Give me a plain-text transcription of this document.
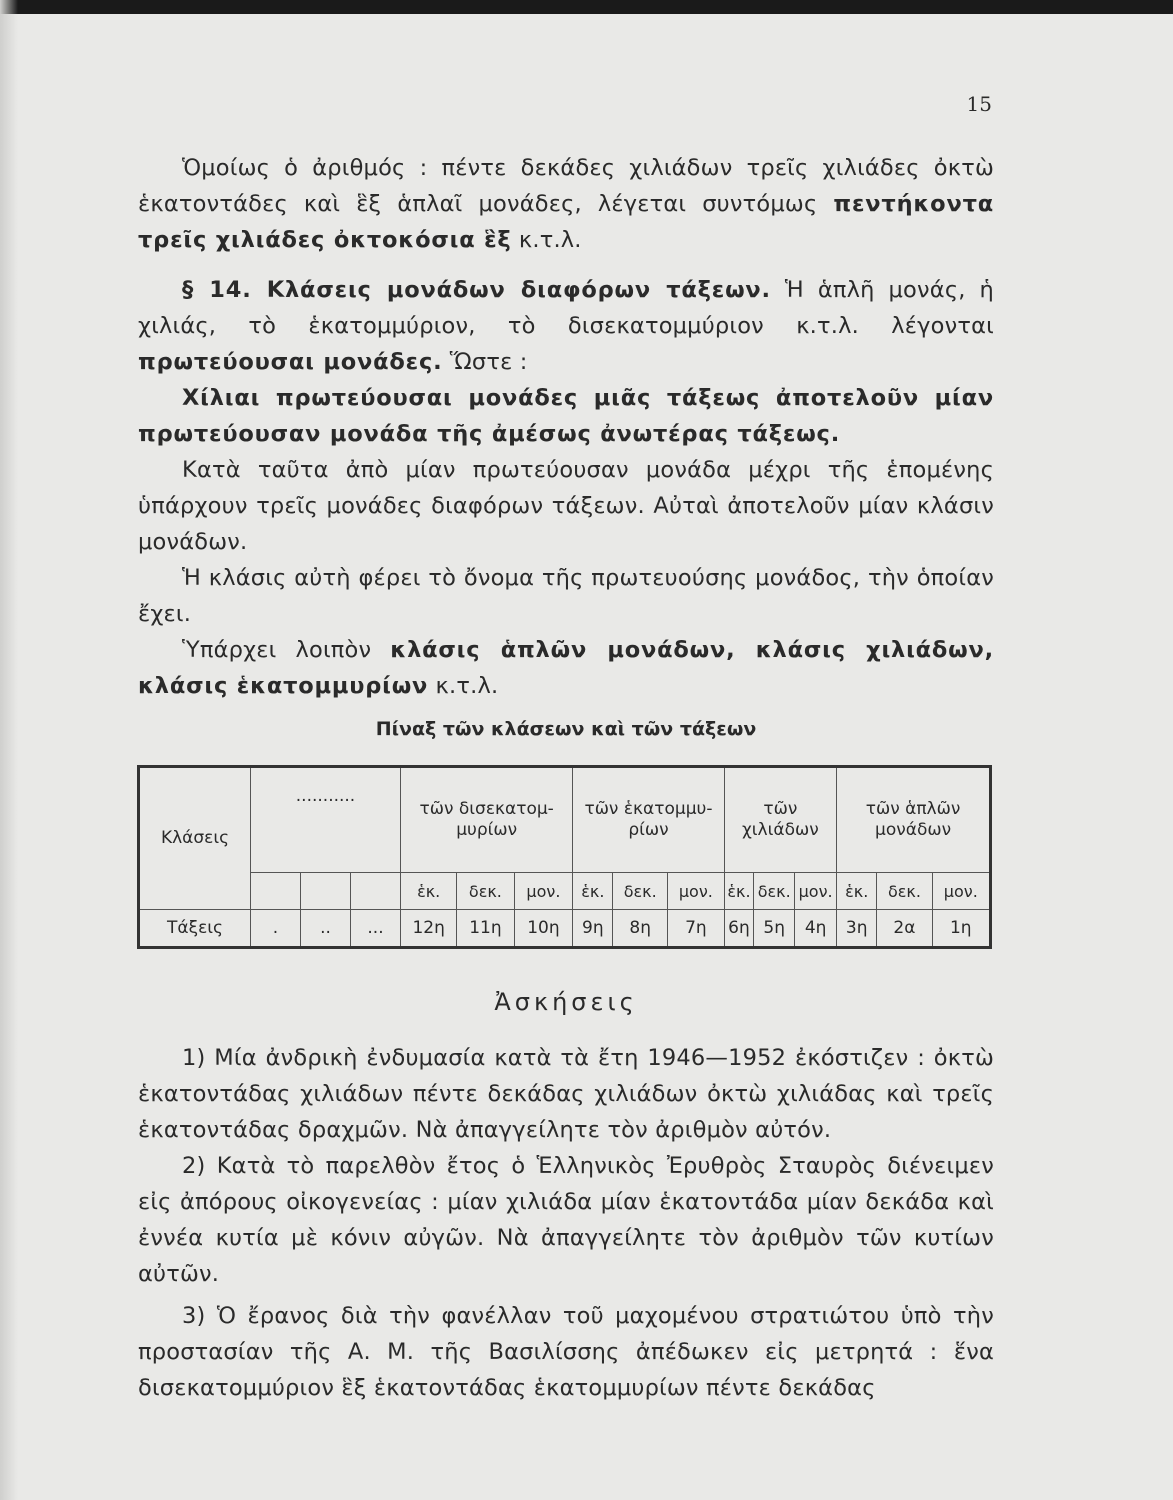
15

Ὁμοίως ὁ ἀριθμός : πέντε δεκάδες χιλιάδων τρεῖς χιλιάδες ὀκτὼ ἑκατοντάδες καὶ ἓξ ἁπλαῖ μονάδες, λέγεται συντόμως πεντήκοντα τρεῖς χιλιάδες ὀκτοκόσια ἓξ κ.τ.λ.

§ 14. Κλάσεις μονάδων διαφόρων τάξεων. Ἡ ἁπλῆ μονάς, ἡ χιλιάς, τὸ ἑκατομμύριον, τὸ δισεκατομμύριον κ.τ.λ. λέγονται πρωτεύουσαι μονάδες. Ὥστε :

Χίλιαι πρωτεύουσαι μονάδες μιᾶς τάξεως ἀποτελοῦν μίαν πρωτεύουσαν μονάδα τῆς ἀμέσως ἀνωτέρας τάξεως.

Κατὰ ταῦτα ἀπὸ μίαν πρωτεύουσαν μονάδα μέχρι τῆς ἑπομένης ὑπάρχουν τρεῖς μονάδες διαφόρων τάξεων. Αὐταὶ ἀποτελοῦν μίαν κλάσιν μονάδων.

Ἡ κλάσις αὐτὴ φέρει τὸ ὄνομα τῆς πρωτευούσης μονάδος, τὴν ὁποίαν ἔχει.

Ὑπάρχει λοιπὸν κλάσις ἁπλῶν μονάδων, κλάσις χιλιάδων, κλάσις ἑκατομμυρίων κ.τ.λ.

Πίναξ τῶν κλάσεων καὶ τῶν τάξεων
Κλάσεις	...........			τῶν δισεκατομ- μυρίων			τῶν ἑκατομμυ- ρίων			τῶν χιλιάδων			τῶν ἁπλῶν μονάδων		
				ἑκ.	δεκ.	μον.	ἑκ.	δεκ.	μον.	ἑκ.	δεκ.	μον.	ἑκ.	δεκ.	μον.
Τάξεις	.	..	...	12η	11η	10η	9η	8η	7η	6η	5η	4η	3η	2α	1η
Ἀσκήσεις

1) Μία ἀνδρικὴ ἐνδυμασία κατὰ τὰ ἔτη 1946—1952 ἐκόστιζεν : ὀκτὼ ἑκατοντάδας χιλιάδων πέντε δεκάδας χιλιάδων ὀκτὼ χιλιάδας καὶ τρεῖς ἑκατοντάδας δραχμῶν. Νὰ ἀπαγγείλητε τὸν ἀριθμὸν αὐτόν.

2) Κατὰ τὸ παρελθὸν ἔτος ὁ Ἑλληνικὸς Ἐρυθρὸς Σταυρὸς διένειμεν εἰς ἀπόρους οἰκογενείας : μίαν χιλιάδα μίαν ἑκατοντάδα μίαν δεκάδα καὶ ἐννέα κυτία μὲ κόνιν αὐγῶν. Νὰ ἀπαγγείλητε τὸν ἀριθμὸν τῶν κυτίων αὐτῶν.

3) Ὁ ἔρανος διὰ τὴν φανέλλαν τοῦ μαχομένου στρατιώτου ὑπὸ τὴν προστασίαν τῆς Α. Μ. τῆς Βασιλίσσης ἀπέδωκεν εἰς μετρητά : ἕνα δισεκατομμύριον ἓξ ἑκατοντάδας ἑκατομμυρίων πέντε δεκάδας
